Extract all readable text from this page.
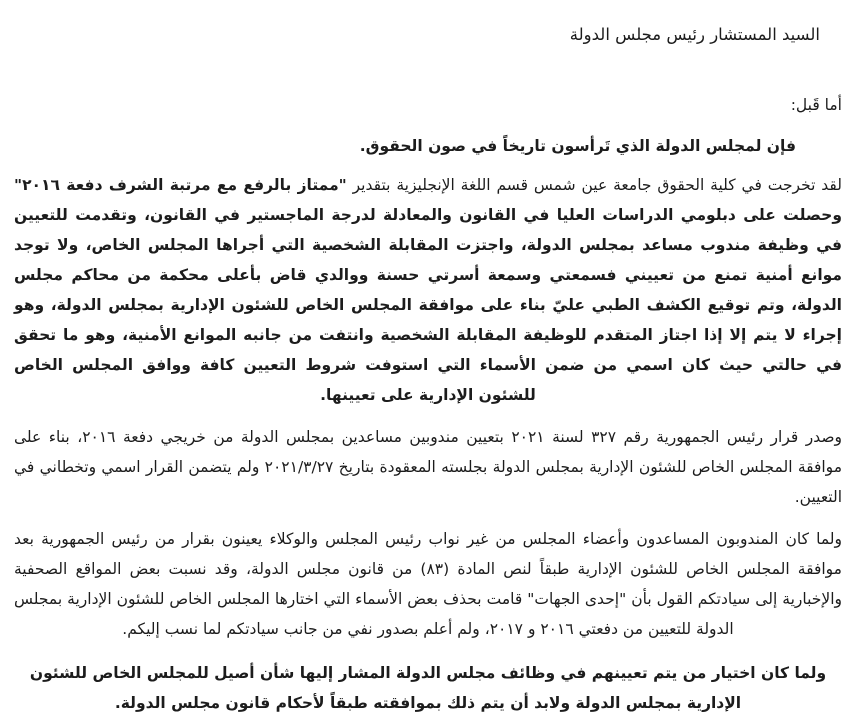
السيد المستشار رئيس مجلس الدولة
أما قَبل:
فإن لمجلس الدولة الذي تَرأسون تاريخاً في صون الحقوق.

لقد تخرجت في كلية الحقوق جامعة عين شمس قسم اللغة الإنجليزية بتقدير "ممتاز بالرفع مع مرتبة الشرف دفعة ٢٠١٦" وحصلت على دبلومي الدراسات العليا في القانون والمعادلة لدرجة الماجستير في القانون، وتقدمت للتعيين في وظيفة مندوب مساعد بمجلس الدولة، واجتزت المقابلة الشخصية التي أجراها المجلس الخاص، ولا توجد موانع أمنية تمنع من تعييني فسمعتي وسمعة أسرتي حسنة ووالدي قاض بأعلى محكمة من محاكم مجلس الدولة، وتم توقيع الكشف الطبي عليّ بناء على موافقة المجلس الخاص للشئون الإدارية بمجلس الدولة، وهو إجراء لا يتم إلا إذا اجتاز المتقدم للوظيفة المقابلة الشخصية وانتفت من جانبه الموانع الأمنية، وهو ما تحقق في حالتي حيث كان اسمي من ضمن الأسماء التي استوفت شروط التعيين كافة ووافق المجلس الخاص للشئون الإدارية على تعيينها.

وصدر قرار رئيس الجمهورية رقم ٣٢٧ لسنة ٢٠٢١ بتعيين مندوبين مساعدين بمجلس الدولة من خريجي دفعة ٢٠١٦، بناء على موافقة المجلس الخاص للشئون الإدارية بمجلس الدولة بجلسته المعقودة بتاريخ ٢٠٢١/٣/٢٧ ولم يتضمن القرار اسمي وتخطاني في التعيين.

ولما كان المندوبون المساعدون وأعضاء المجلس من غير نواب رئيس المجلس والوكلاء يعينون بقرار من رئيس الجمهورية بعد موافقة المجلس الخاص للشئون الإدارية طبقاً لنص المادة (٨٣) من قانون مجلس الدولة، وقد نسبت بعض المواقع الصحفية والإخبارية إلى سيادتكم القول بأن "إحدى الجهات" قامت بحذف بعض الأسماء التي اختارها المجلس الخاص للشئون الإدارية بمجلس الدولة للتعيين من دفعتي ٢٠١٦ و ٢٠١٧، ولم أعلم بصدور نفي من جانب سيادتكم لما نسب إليكم.

ولما كان اختيار من يتم تعيينهم في وظائف مجلس الدولة المشار إليها شأن أصيل للمجلس الخاص للشئون الإدارية بمجلس الدولة ولابد أن يتم ذلك بموافقته طبقاً لأحكام قانون مجلس الدولة.
